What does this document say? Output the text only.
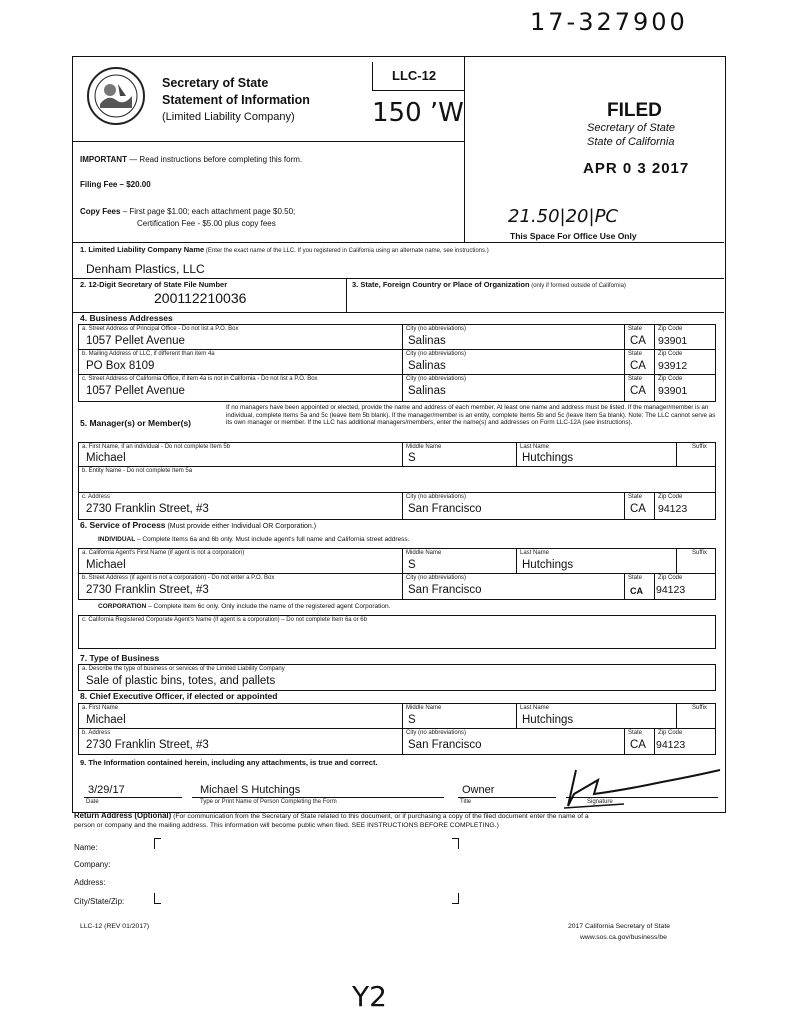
17-327900
Secretary of State
Statement of Information
(Limited Liability Company)
LLC-12
150 ʼW
IMPORTANT — Read instructions before completing this form.
Filing Fee – $20.00
Copy Fees – First page $1.00; each attachment page $0.50;
Certification Fee - $5.00 plus copy fees
FILED
Secretary of State
State of California
APR 0 3 2017
21.50|20|PC
This Space For Office Use Only
1. Limited Liability Company Name (Enter the exact name of the LLC. If you registered in California using an alternate name, see instructions.)
Denham Plastics, LLC
2. 12-Digit Secretary of State File Number
200112210036
3. State, Foreign Country or Place of Organization (only if formed outside of California)
4. Business Addresses
a. Street Address of Principal Office - Do not list a P.O. Box	City (no abbreviations)	State	Zip Code
1057 Pellet Avenue	Salinas	CA 93901
b. Mailing Address of LLC, if different than item 4a	City (no abbreviations)	State	Zip Code
PO Box 8109	Salinas	CA 93912
c. Street Address of California Office, if item 4a is not in California - Do not list a P.O. Box	City (no abbreviations)	State	Zip Code
1057 Pellet Avenue	Salinas	CA 93901
5. Manager(s) or Member(s)
If no managers have been appointed or elected, provide the name and address of each member. At least one name and address must be listed. If the manager/member is an individual, complete Items 5a and 5c (leave Item 5b blank). If the manager/member is an entity, complete Items 5b and 5c (leave Item 5a blank). Note: The LLC cannot serve as its own manager or member. If the LLC has additional managers/members, enter the name(s) and addresses on Form LLC-12A (see instructions).
a. First Name, if an individual - Do not complete Item 5b	Middle Name	Last Name	Suffix
Michael	S	Hutchings
b. Entity Name - Do not complete Item 5a
c. Address	City (no abbreviations)	State	Zip Code
2730 Franklin Street, #3	San Francisco	CA 94123
6. Service of Process (Must provide either Individual OR Corporation.)
INDIVIDUAL – Complete Items 6a and 6b only. Must include agent's full name and California street address.
a. California Agent's First Name (if agent is not a corporation)	Middle Name	Last Name	Suffix
Michael	S	Hutchings
b. Street Address (if agent is not a corporation) - Do not enter a P.O. Box	City (no abbreviations)	State	Zip Code
2730 Franklin Street, #3	San Francisco	CA 94123
CORPORATION – Complete Item 6c only. Only include the name of the registered agent Corporation.
c. California Registered Corporate Agent's Name (if agent is a corporation) – Do not complete Item 6a or 6b
7. Type of Business
a. Describe the type of business or services of the Limited Liability Company
Sale of plastic bins, totes, and pallets
8. Chief Executive Officer, if elected or appointed
a. First Name	Middle Name	Last Name	Suffix
Michael	S	Hutchings
b. Address	City (no abbreviations)	State	Zip Code
2730 Franklin Street, #3	San Francisco	CA 94123
9. The Information contained herein, including any attachments, is true and correct.
3/29/17	Michael S Hutchings	Owner
Date	Type or Print Name of Person Completing the Form	Title	Signature
Return Address (Optional) (For communication from the Secretary of State related to this document, or if purchasing a copy of the filed document enter the name of a
person or company and the mailing address. This information will become public when filed. SEE INSTRUCTIONS BEFORE COMPLETING.)
Name:
Company:
Address:
City/State/Zip:
LLC-12 (REV 01/2017)	2017 California Secretary of State
www.sos.ca.gov/business/be
Y2
